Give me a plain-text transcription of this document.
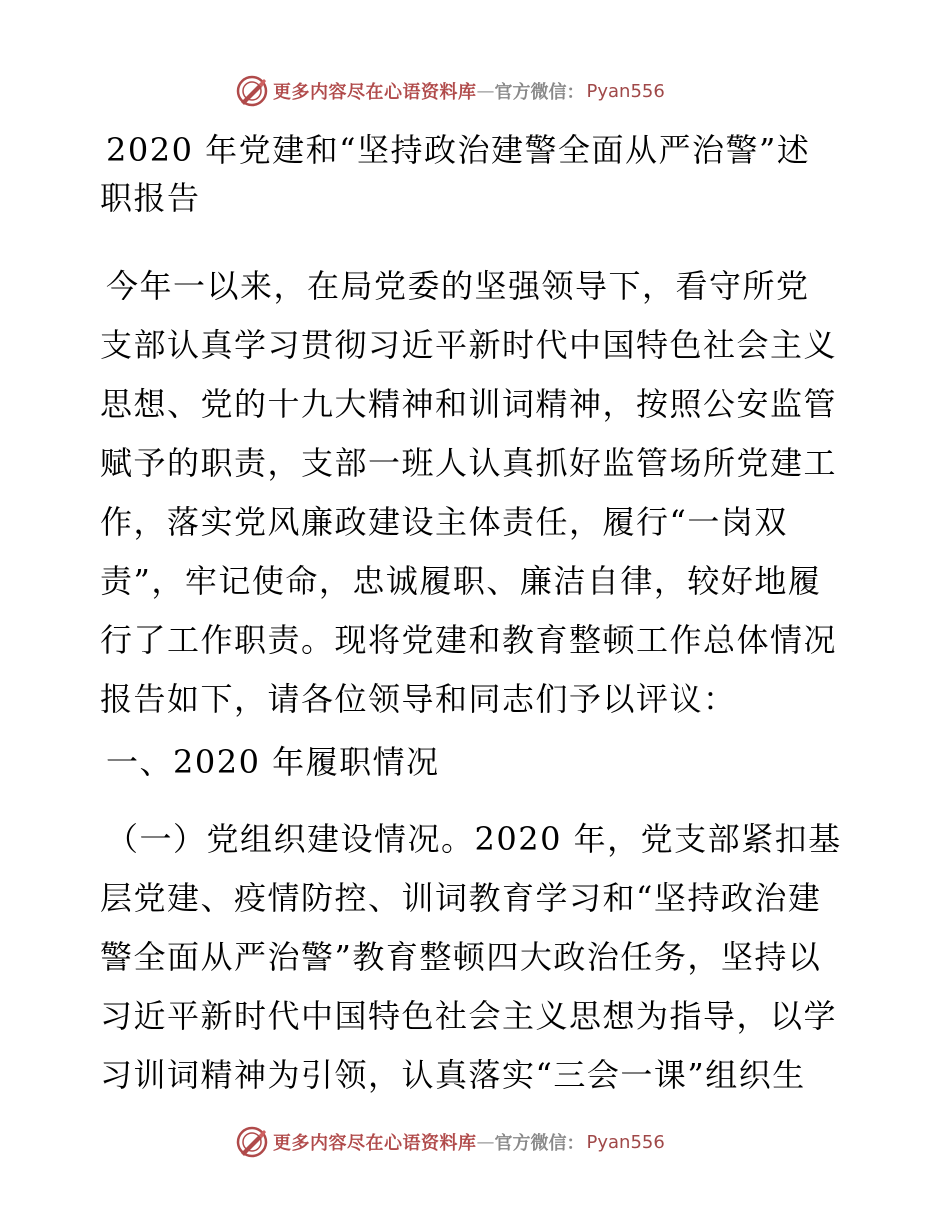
更多内容尽在心语资料库 — 官方微信： Pyan556
2020 年党建和“坚持政治建警全面从严治警”述
职报告
今年一以来，在局党委的坚强领导下，看守所党
支部认真学习贯彻习近平新时代中国特色社会主义
思想、党的十九大精神和训词精神，按照公安监管
赋予的职责，支部一班人认真抓好监管场所党建工
作，落实党风廉政建设主体责任，履行“一岗双
责”，牢记使命，忠诚履职、廉洁自律，较好地履
行了工作职责。现将党建和教育整顿工作总体情况
报告如下，请各位领导和同志们予以评议：
一、2020 年履职情况
（一）党组织建设情况。2020 年，党支部紧扣基
层党建、疫情防控、训词教育学习和“坚持政治建
警全面从严治警”教育整顿四大政治任务，坚持以
习近平新时代中国特色社会主义思想为指导，以学
习训词精神为引领，认真落实“三会一课”组织生
更多内容尽在心语资料库 — 官方微信： Pyan556
